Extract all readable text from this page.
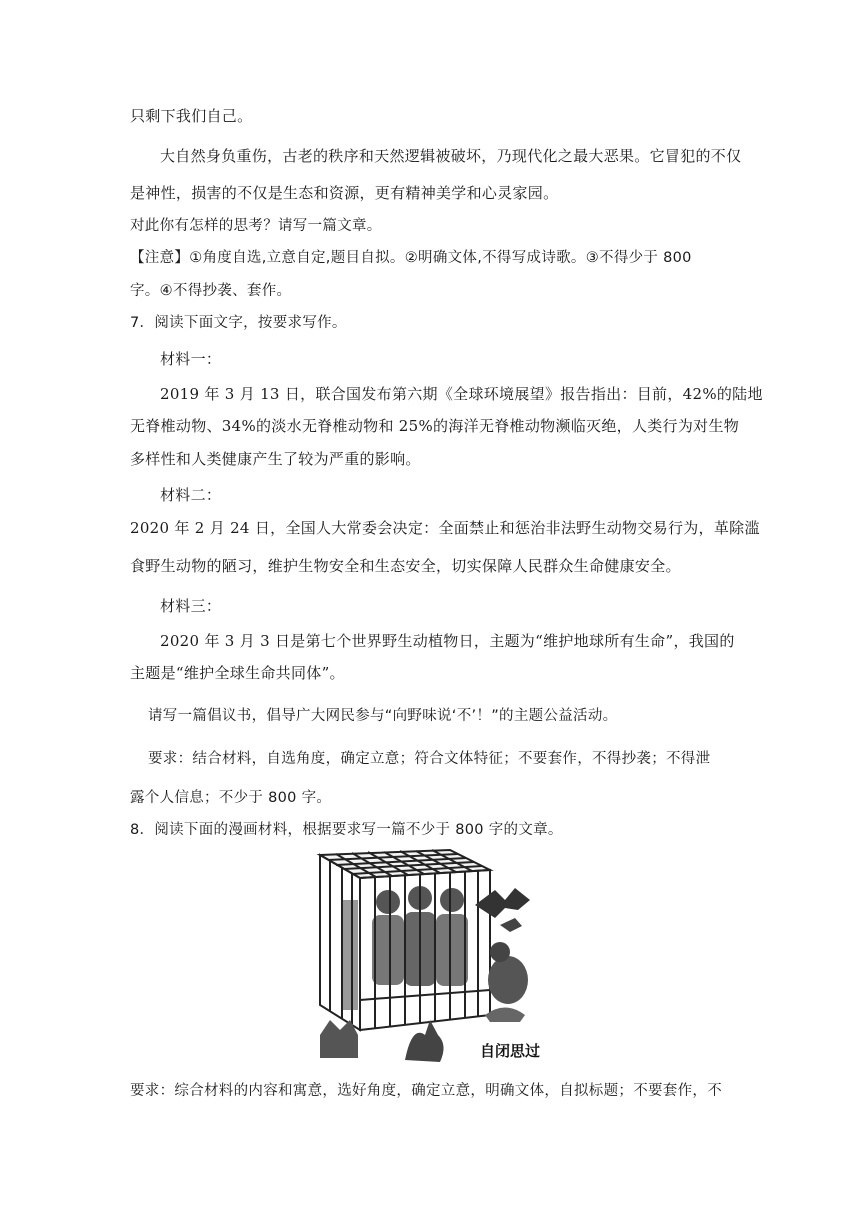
只剩下我们自己。
大自然身负重伤，古老的秩序和天然逻辑被破坏，乃现代化之最大恶果。它冒犯的不仅
是神性，损害的不仅是生态和资源，更有精神美学和心灵家园。
对此你有怎样的思考？请写一篇文章。
【注意】①角度自选,立意自定,题目自拟。②明确文体,不得写成诗歌。③不得少于 800
字。④不得抄袭、套作。
7．阅读下面文字，按要求写作。
材料一：
2019 年 3 月 13 日，联合国发布第六期《全球环境展望》报告指出：目前，42%的陆地
无脊椎动物、34%的淡水无脊椎动物和 25%的海洋无脊椎动物濒临灭绝，人类行为对生物
多样性和人类健康产生了较为严重的影响。
材料二：
2020 年 2 月 24 日，全国人大常委会决定：全面禁止和惩治非法野生动物交易行为，革除滥
食野生动物的陋习，维护生物安全和生态安全，切实保障人民群众生命健康安全。
材料三：
2020 年 3 月 3 日是第七个世界野生动植物日，主题为“维护地球所有生命”，我国的
主题是“维护全球生命共同体”。
请写一篇倡议书，倡导广大网民参与“向野味说‘不’！”的主题公益活动。
要求：结合材料，自选角度，确定立意；符合文体特征；不要套作，不得抄袭；不得泄
露个人信息；不少于 800 字。
8．阅读下面的漫画材料，根据要求写一篇不少于 800 字的文章。
自闭思过
要求：综合材料的内容和寓意，选好角度，确定立意，明确文体，自拟标题；不要套作，不
